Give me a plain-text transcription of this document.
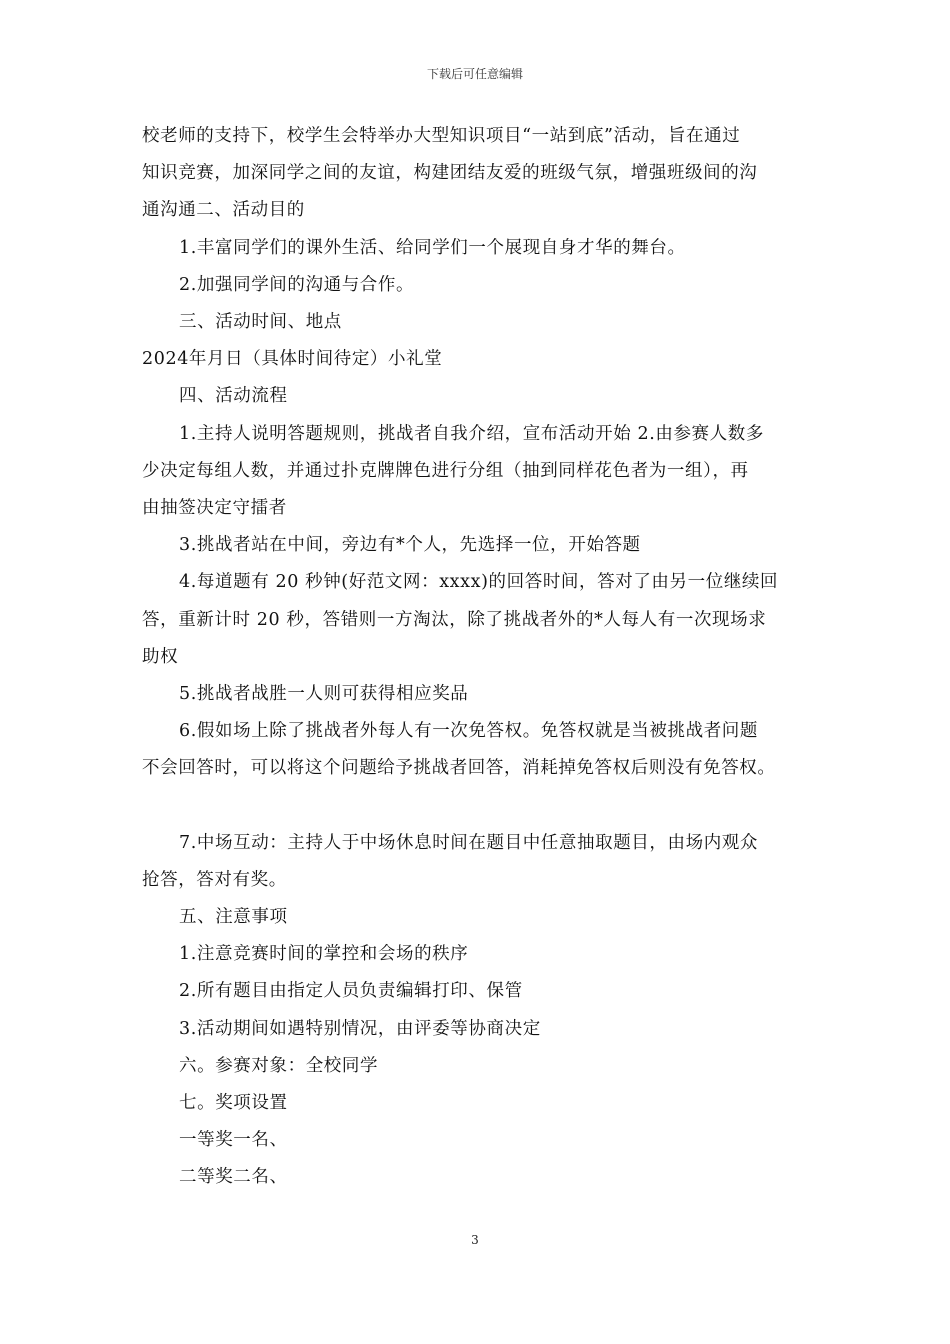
下载后可任意编辑

校老师的支持下，校学生会特举办大型知识项目“一站到底”活动，旨在通过

知识竞赛，加深同学之间的友谊，构建团结友爱的班级气氛，增强班级间的沟

通沟通二、活动目的

1.丰富同学们的课外生活、给同学们一个展现自身才华的舞台。

2.加强同学间的沟通与合作。

三、活动时间、地点

2024年月日（具体时间待定）小礼堂

四、活动流程

1.主持人说明答题规则，挑战者自我介绍，宣布活动开始 2.由参赛人数多

少决定每组人数，并通过扑克牌牌色进行分组（抽到同样花色者为一组），再

由抽签决定守擂者

3.挑战者站在中间，旁边有*个人，先选择一位，开始答题

4.每道题有 20 秒钟(好范文网：xxxx)的回答时间，答对了由另一位继续回

答，重新计时 20 秒，答错则一方淘汰，除了挑战者外的*人每人有一次现场求

助权

5.挑战者战胜一人则可获得相应奖品

6.假如场上除了挑战者外每人有一次免答权。免答权就是当被挑战者问题

不会回答时，可以将这个问题给予挑战者回答，消耗掉免答权后则没有免答权。

7.中场互动：主持人于中场休息时间在题目中任意抽取题目，由场内观众

抢答，答对有奖。

五、注意事项

1.注意竞赛时间的掌控和会场的秩序

2.所有题目由指定人员负责编辑打印、保管

3.活动期间如遇特别情况，由评委等协商决定

六。参赛对象：全校同学

七。奖项设置

一等奖一名、

二等奖二名、

3
